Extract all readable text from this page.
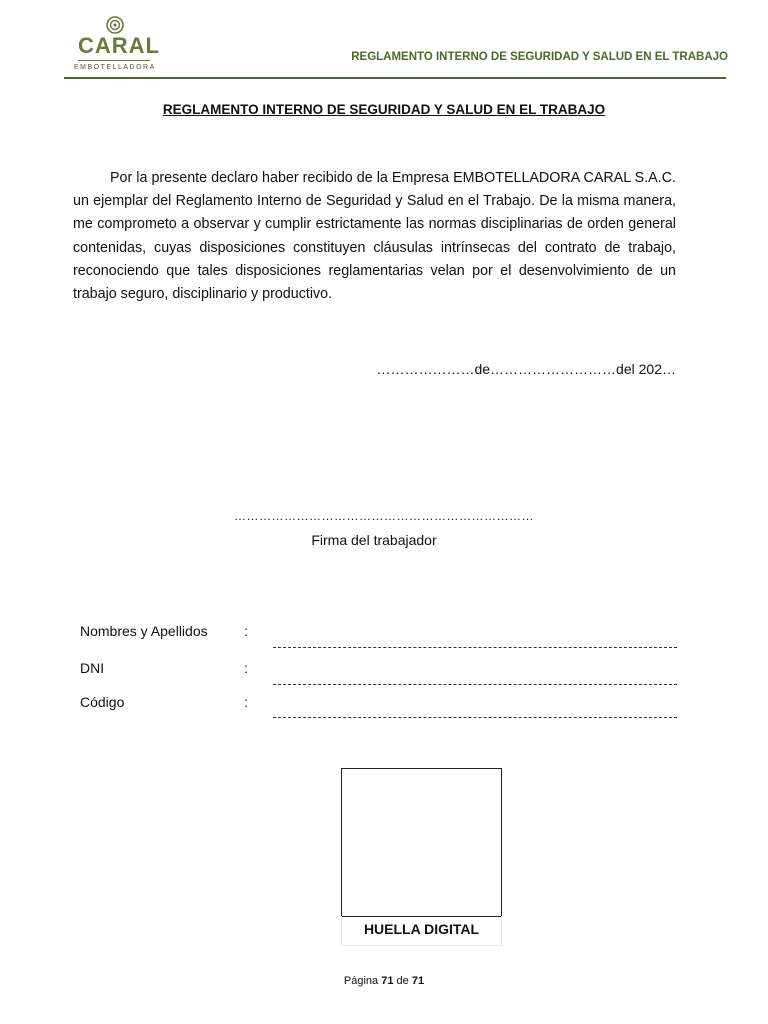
CARAL
EMBOTELLADORA
REGLAMENTO INTERNO DE SEGURIDAD Y SALUD EN EL TRABAJO
REGLAMENTO INTERNO DE SEGURIDAD Y SALUD EN EL TRABAJO
Por la presente declaro haber recibido de la Empresa EMBOTELLADORA CARAL S.A.C. un ejemplar del Reglamento Interno de Seguridad y Salud en el Trabajo. De la misma manera, me comprometo a observar y cumplir estrictamente las normas disciplinarias de orden general contenidas, cuyas disposiciones constituyen cláusulas intrínsecas del contrato de trabajo, reconociendo que tales disposiciones reglamentarias velan por el desenvolvimiento de un trabajo seguro, disciplinario y productivo.
…………………de………………………del 202…
………………………………………………………………
Firma del trabajador
Nombres y Apellidos	:
DNI	:
Código	:
HUELLA DIGITAL
Página 71 de 71
